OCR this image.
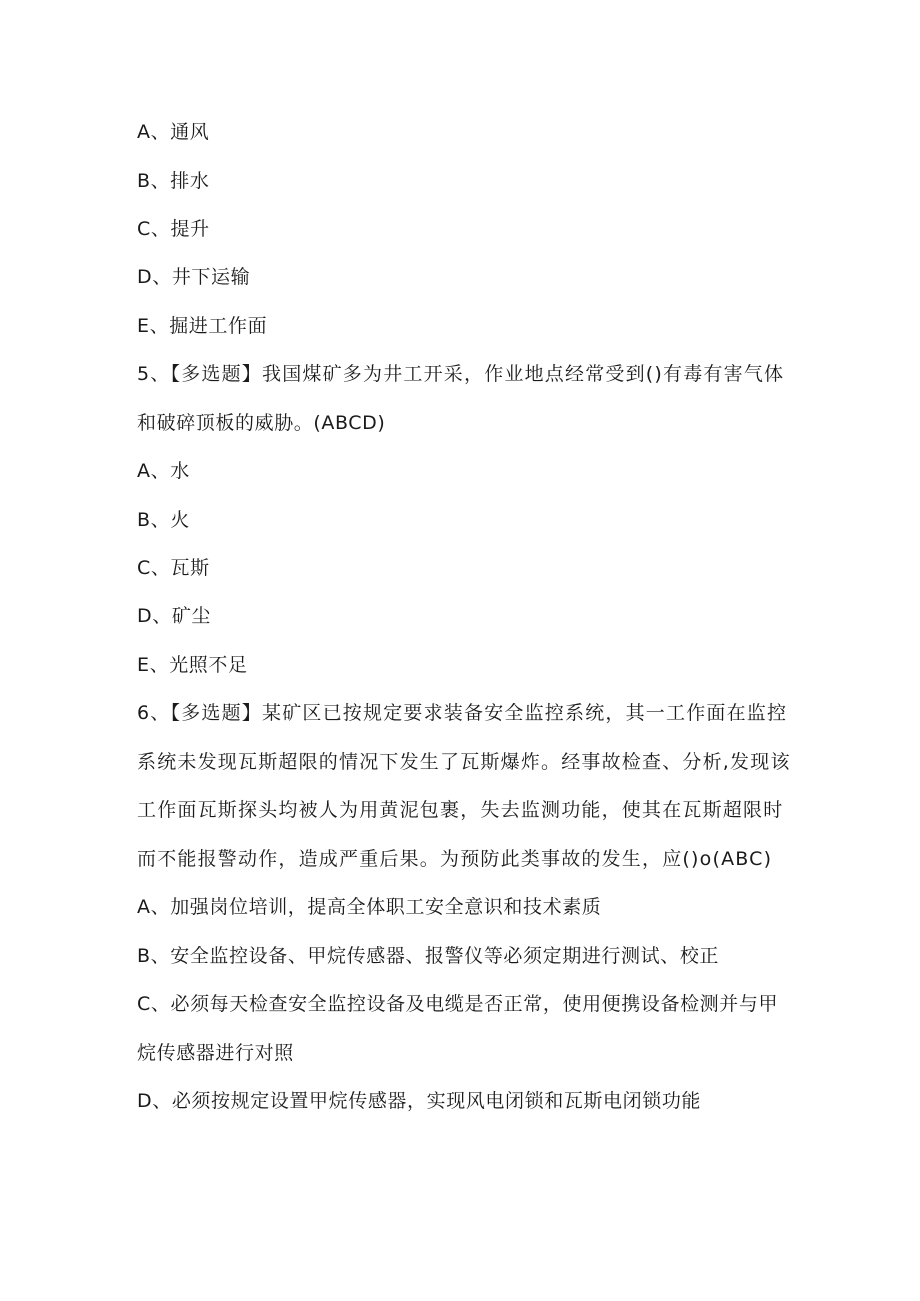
A、通风
B、排水
C、提升
D、井下运输
E、掘进工作面
5、【多选题】我国煤矿多为井工开采，作业地点经常受到()有毒有害气体
和破碎顶板的威胁。(ABCD)
A、水
B、火
C、瓦斯
D、矿尘
E、光照不足
6、【多选题】某矿区已按规定要求装备安全监控系统，其一工作面在监控
系统未发现瓦斯超限的情况下发生了瓦斯爆炸。经事故检查、分析,发现该
工作面瓦斯探头均被人为用黄泥包裹，失去监测功能，使其在瓦斯超限时
而不能报警动作，造成严重后果。为预防此类事故的发生，应()o(ABC)
A、加强岗位培训，提高全体职工安全意识和技术素质
B、安全监控设备、甲烷传感器、报警仪等必须定期进行测试、校正
C、必须每天检查安全监控设备及电缆是否正常，使用便携设备检测并与甲
烷传感器进行对照
D、必须按规定设置甲烷传感器，实现风电闭锁和瓦斯电闭锁功能
